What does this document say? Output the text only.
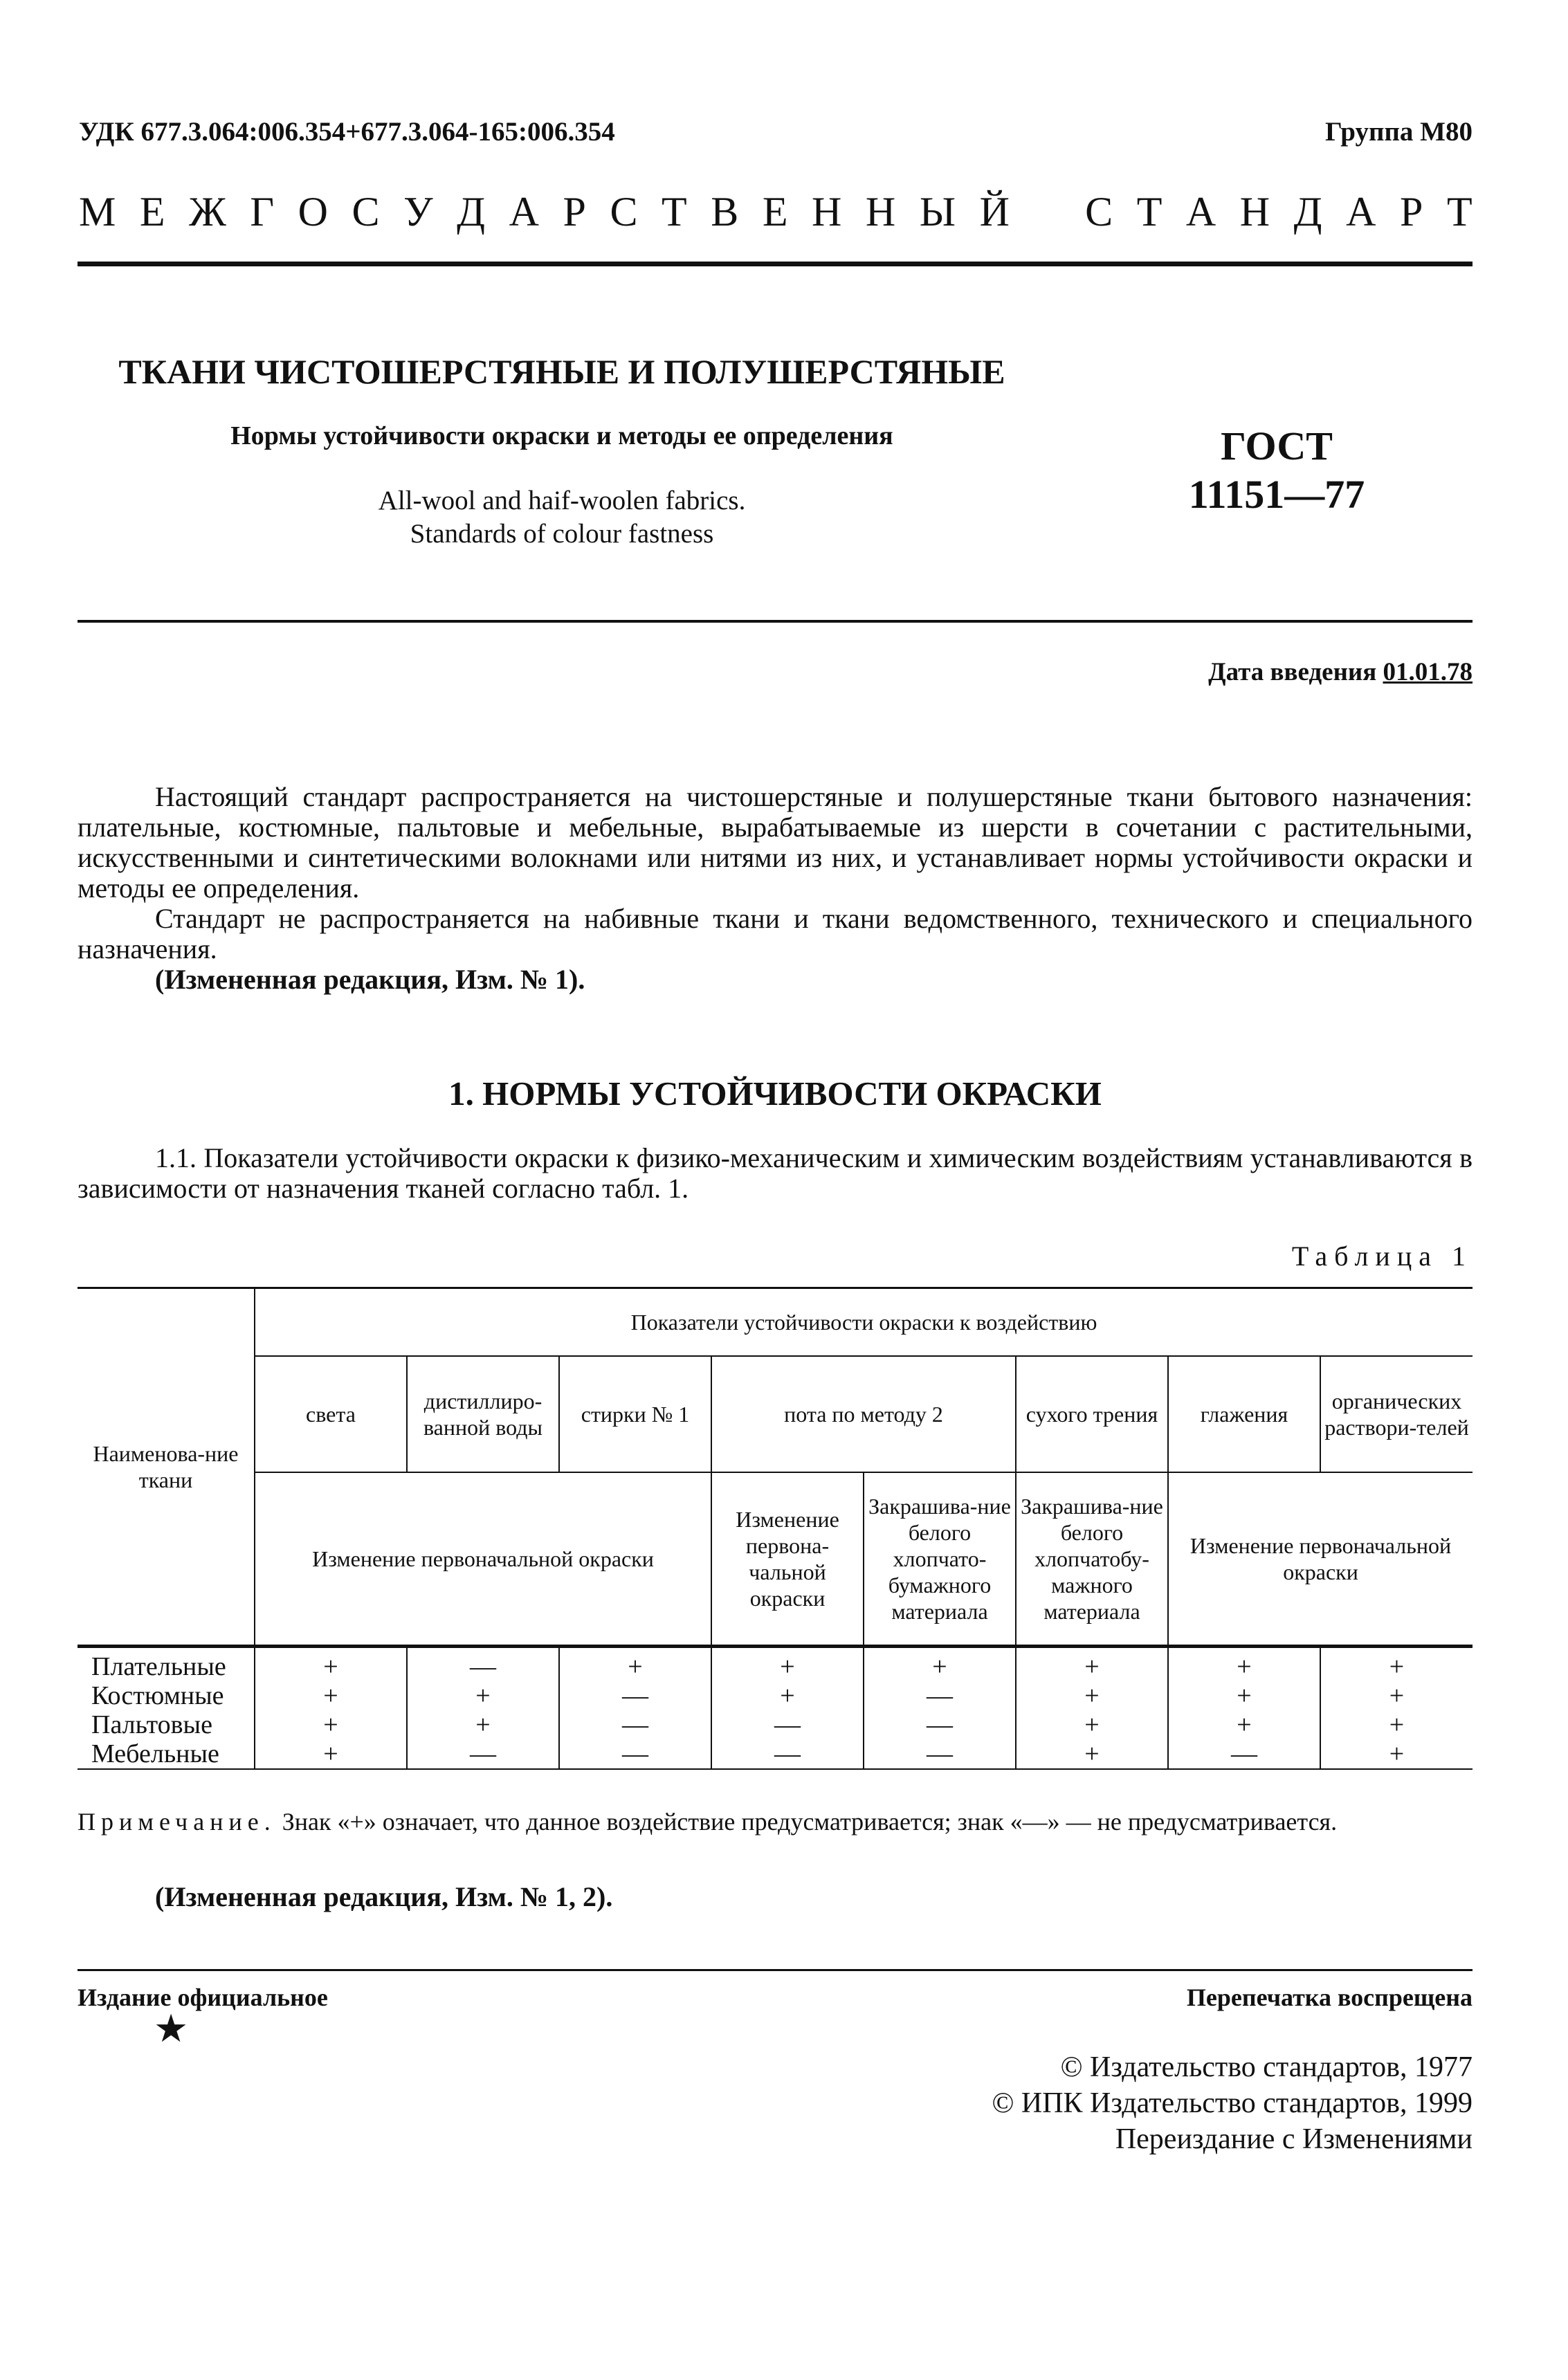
УДК 677.3.064:006.354+677.3.064-165:006.354	Группа М80
М Е Ж Г О С У Д А Р С Т В Е Н Н Ы Й С Т А Н Д А Р Т
ТКАНИ ЧИСТОШЕРСТЯНЫЕ И ПОЛУШЕРСТЯНЫЕ
Нормы устойчивости окраски и методы ее определения
All-wool and haif-woolen fabrics.
Standards of colour fastness
ГОСТ
11151—77
Дата введения 01.01.78

Настоящий стандарт распространяется на чистошерстяные и полушерстяные ткани бытового назначения: плательные, костюмные, пальтовые и мебельные, вырабатываемые из шерсти в сочетании с растительными, искусственными и синтетическими волокнами или нитями из них, и устанавливает нормы устойчивости окраски и методы ее определения.

Стандарт не распространяется на набивные ткани и ткани ведомственного, технического и специального назначения.

(Измененная редакция, Изм. № 1).

1. НОРМЫ УСТОЙЧИВОСТИ ОКРАСКИ

1.1. Показатели устойчивости окраски к физико-механическим и химическим воздействиям устанавливаются в зависимости от назначения тканей согласно табл. 1.

Таблица 1
Наименова-ние ткани	Показатели устойчивости окраски к воздействию							
	света	дистиллиро-ванной воды	стирки № 1	пота по методу 2		сухого трения	глажения	органических раствори-телей
	Изменение первоначальной окраски			Изменение первона-чальной окраски	Закрашива-ние белого хлопчато-бумажного материала	Закрашива-ние белого хлопчатобу-мажного материала	Изменение первоначальной окраски	
Плательные	+	—	+	+	+	+	+	+
Костюмные	+	+	—	+	—	+	+	+
Пальтовые	+	+	—	—	—	+	+	+
Мебельные	+	—	—	—	—	+	—	+
Примечание. Знак «+» означает, что данное воздействие предусматривается; знак «—» — не предусматривается.
(Измененная редакция, Изм. № 1, 2).
Издание официальное	Перепечатка воспрещена
★
© Издательство стандартов, 1977
© ИПК Издательство стандартов, 1999
Переиздание с Изменениями
